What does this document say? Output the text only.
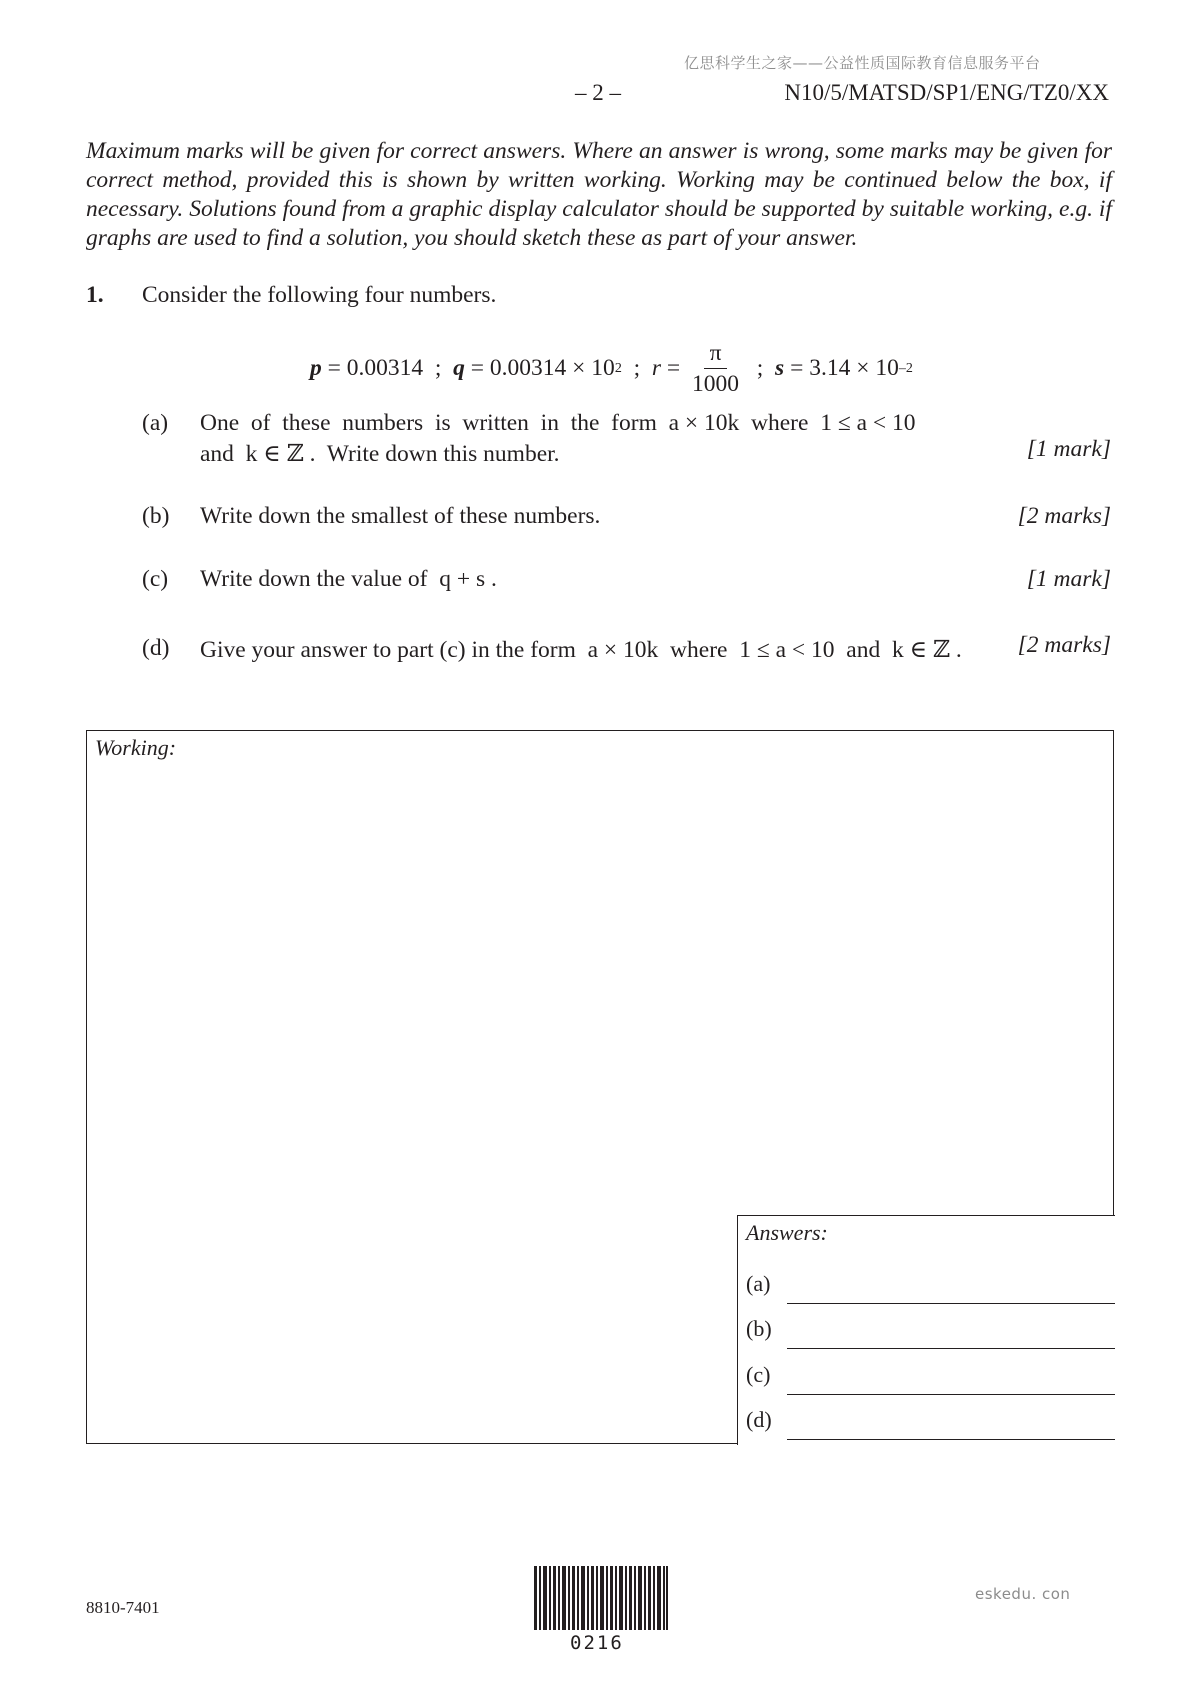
亿思科学生之家——公益性质国际教育信息服务平台
– 2 –	N10/5/MATSD/SP1/ENG/TZ0/XX
Maximum marks will be given for correct answers. Where an answer is wrong, some marks may be given for correct method, provided this is shown by written working. Working may be continued below the box, if necessary. Solutions found from a graphic display calculator should be supported by suitable working, e.g. if graphs are used to find a solution, you should sketch these as part of your answer.
1. Consider the following four numbers.
p = 0.00314 ; q = 0.00314 × 10 2 ; $r = \frac{\pi}{1000}$ ; s = 3.14 × 10 –2
(a) One  of  these  numbers  is  written  in  the  form  a × 10k  where  1 ≤ a < 10
and  k ∈ ℤ .  Write down this number.	[1 mark]
(b) Write down the smallest of these numbers.	[2 marks]
(c) Write down the value of  q + s .	[1 mark]
(d) Give your answer to part (c) in the form  a × 10k  where  1 ≤ a < 10  and  k ∈ ℤ . [2 marks]
Working:
Answers:
(a)
(b)
(c)
(d)
8810-7401
0216
eskedu. con
